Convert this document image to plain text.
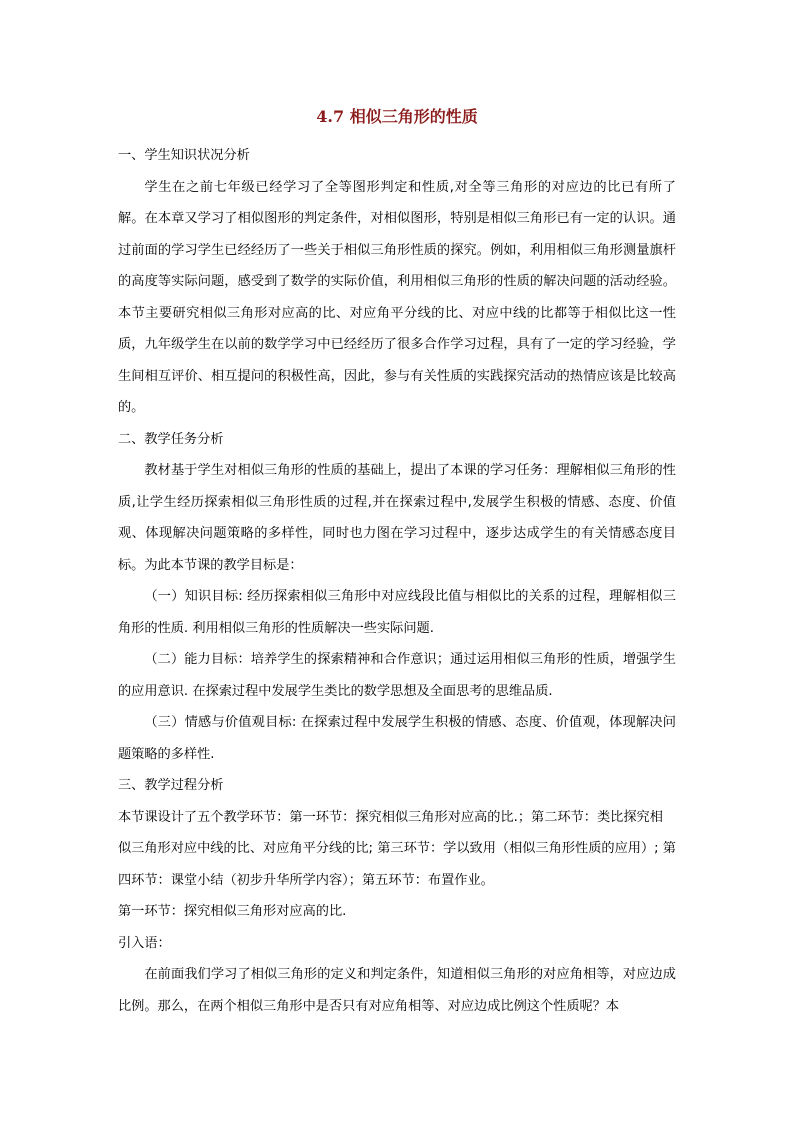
4.7 相似三角形的性质

一、学生知识状况分析

学生在之前七年级已经学习了全等图形判定和性质,对全等三角形的对应边的比已有所了解。在本章又学习了相似图形的判定条件，对相似图形，特别是相似三角形已有一定的认识。通过前面的学习学生已经经历了一些关于相似三角形性质的探究。例如，利用相似三角形测量旗杆的高度等实际问题，感受到了数学的实际价值，利用相似三角形的性质的解决问题的活动经验。本节主要研究相似三角形对应高的比、对应角平分线的比、对应中线的比都等于相似比这一性质，九年级学生在以前的数学学习中已经经历了很多合作学习过程，具有了一定的学习经验，学生间相互评价、相互提问的积极性高，因此，参与有关性质的实践探究活动的热情应该是比较高的。

二、教学任务分析

教材基于学生对相似三角形的性质的基础上，提出了本课的学习任务：理解相似三角形的性质,让学生经历探索相似三角形性质的过程,并在探索过程中,发展学生积极的情感、态度、价值观、体现解决问题策略的多样性，同时也力图在学习过程中，逐步达成学生的有关情感态度目标。为此本节课的教学目标是：

（一）知识目标: 经历探索相似三角形中对应线段比值与相似比的关系的过程，理解相似三角形的性质. 利用相似三角形的性质解决一些实际问题.

（二）能力目标：培养学生的探索精神和合作意识；通过运用相似三角形的性质，增强学生的应用意识. 在探索过程中发展学生类比的数学思想及全面思考的思维品质.

（三）情感与价值观目标: 在探索过程中发展学生积极的情感、态度、价值观，体现解决问题策略的多样性.

三、教学过程分析

本节课设计了五个教学环节：第一环节：探究相似三角形对应高的比.；第二环节：类比探究相似三角形对应中线的比、对应角平分线的比; 第三环节：学以致用（相似三角形性质的应用）; 第四环节：课堂小结（初步升华所学内容）；第五环节：布置作业。

第一环节：探究相似三角形对应高的比.

引入语：

在前面我们学习了相似三角形的定义和判定条件，知道相似三角形的对应角相等，对应边成比例。那么，在两个相似三角形中是否只有对应角相等、对应边成比例这个性质呢？本
